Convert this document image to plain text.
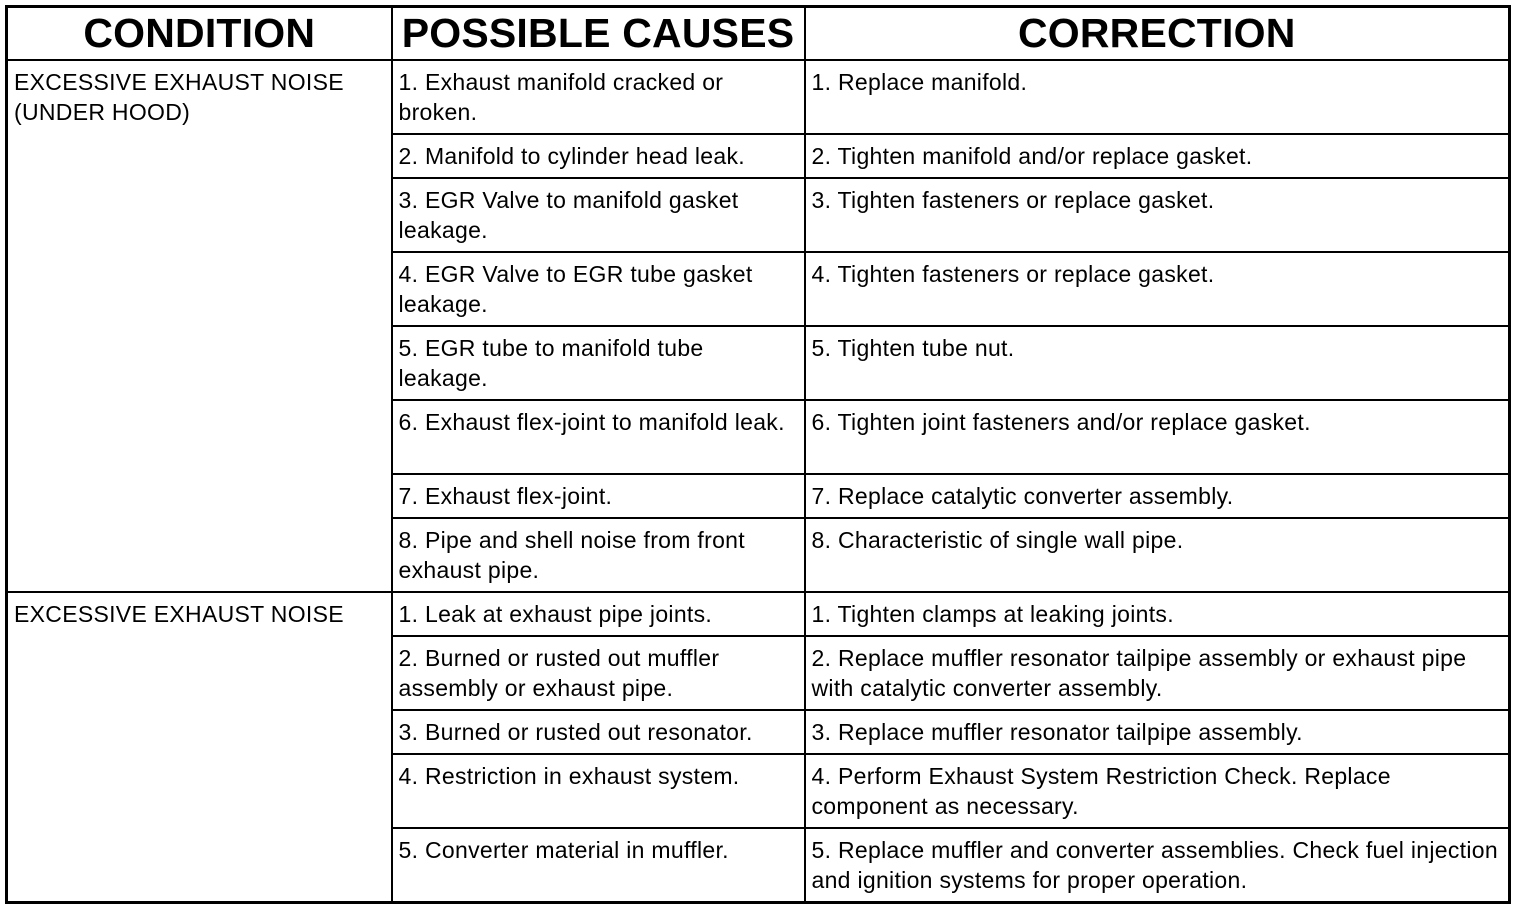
CONDITION	POSSIBLE CAUSES	CORRECTION
EXCESSIVE EXHAUST NOISE (UNDER HOOD)	1. Exhaust manifold cracked or broken.	1. Replace manifold.
	2. Manifold to cylinder head leak.	2. Tighten manifold and/or replace gasket.
	3. EGR Valve to manifold gasket leakage.	3. Tighten fasteners or replace gasket.
	4. EGR Valve to EGR tube gasket leakage.	4. Tighten fasteners or replace gasket.
	5. EGR tube to manifold tube leakage.	5. Tighten tube nut.
	6. Exhaust flex-joint to manifold leak.	6. Tighten joint fasteners and/or replace gasket.
	7. Exhaust flex-joint.	7. Replace catalytic converter assembly.
	8. Pipe and shell noise from front exhaust pipe.	8. Characteristic of single wall pipe.
EXCESSIVE EXHAUST NOISE	1. Leak at exhaust pipe joints.	1. Tighten clamps at leaking joints.
	2. Burned or rusted out muffler assembly or exhaust pipe.	2. Replace muffler resonator tailpipe assembly or exhaust pipe with catalytic converter assembly.
	3. Burned or rusted out resonator.	3. Replace muffler resonator tailpipe assembly.
	4. Restriction in exhaust system.	4. Perform Exhaust System Restriction Check. Replace component as necessary.
	5. Converter material in muffler.	5. Replace muffler and converter assemblies. Check fuel injection and ignition systems for proper operation.
